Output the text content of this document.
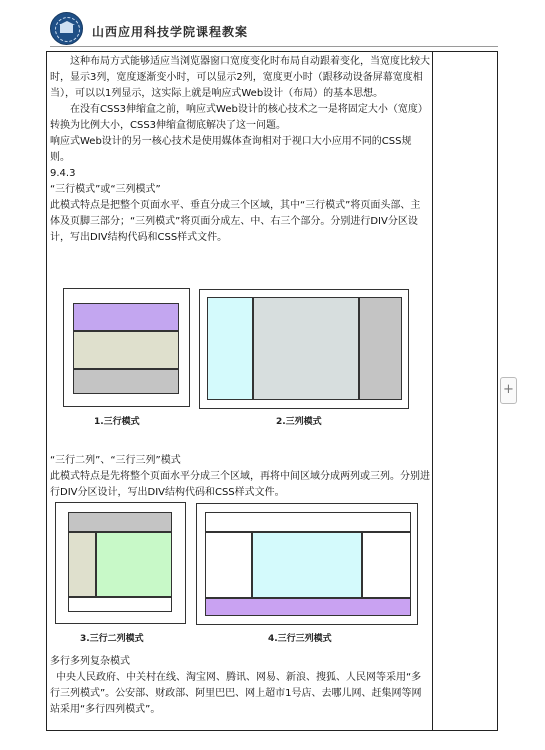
山西应用科技学院课程教案
+

这种布局方式能够适应当浏览器窗口宽度变化时布局自动跟着变化，当宽度比较大时，显示3列，宽度逐渐变小时，可以显示2列，宽度更小时（跟移动设备屏幕宽度相当），可以以1列显示，这实际上就是响应式Web设计（布局）的基本思想。

在没有CSS3伸缩盒之前，响应式Web设计的核心技术之一是将固定大小（宽度）转换为比例大小，CSS3伸缩盒彻底解决了这一问题。

响应式Web设计的另一核心技术是使用媒体查询相对于视口大小应用不同的CSS规则。

9.4.3

“三行模式”或“三列模式”

此模式特点是把整个页面水平、垂直分成三个区域，其中“三行模式”将页面头部、主体及页脚三部分；“三列模式”将页面分成左、中、右三个部分。分别进行DIV分区设计，写出DIV结构代码和CSS样式文件。

1.三行模式	2.三列模式

“三行二列”、“三行三列”模式

此模式特点是先将整个页面水平分成三个区域，再将中间区域分成两列或三列。分别进行DIV分区设计，写出DIV结构代码和CSS样式文件。

3.三行二列模式	4.三行三列模式

多行多列复杂模式

中央人民政府、中关村在线、淘宝网、腾讯、网易、新浪、搜狐、人民网等采用“多行三列模式”。公安部、财政部、阿里巴巴、网上超市1号店、去哪儿网、赶集网等网站采用“多行四列模式”。
